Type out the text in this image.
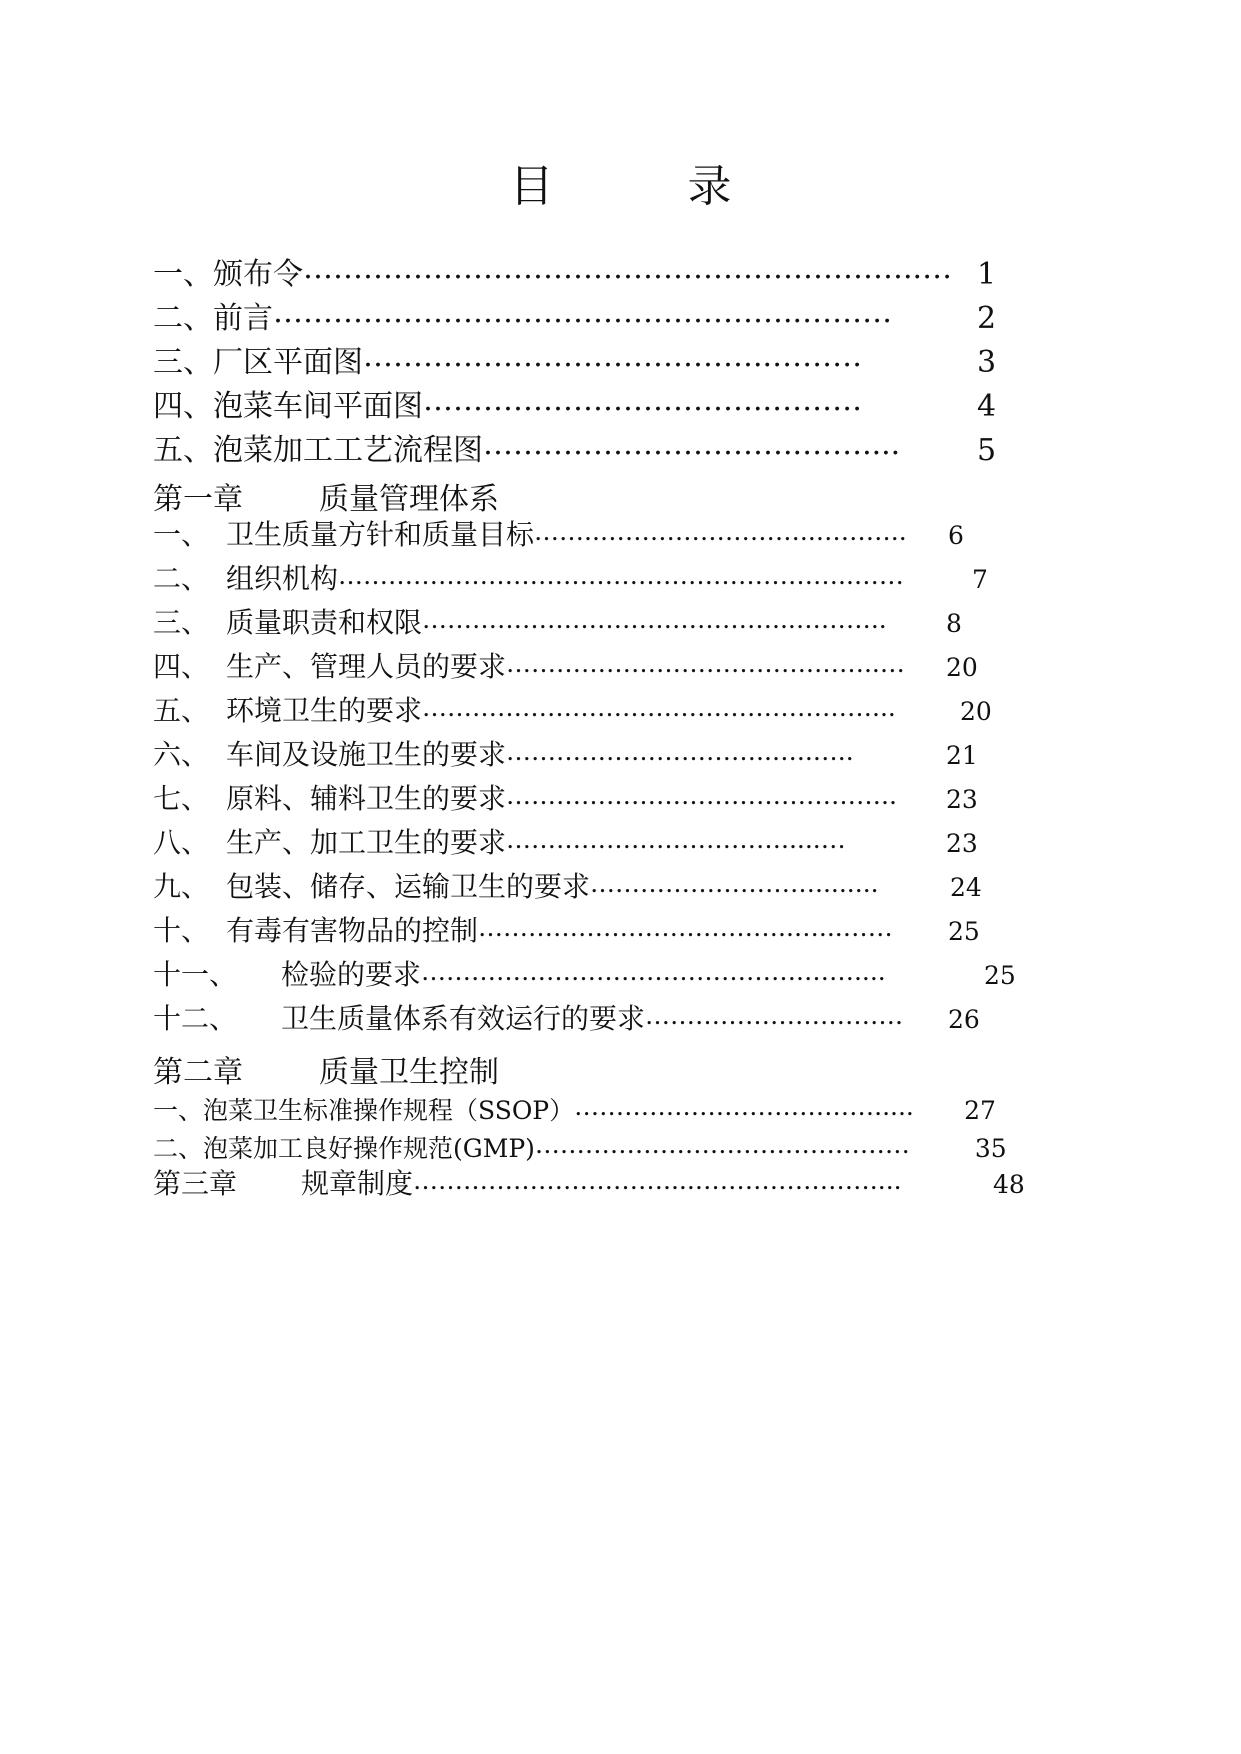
目 录
一、颁布令……………………………………………………..… 1
二、前言……………………………………………..………	2
三、厂区平面图…………………………………..………	3
四、泡菜车间平面图……………………………..………	4
五、泡菜加工工艺流程图…………………………..……....	5
第一章	质量管理体系
一、 卫生质量方针和质量目标……..……………………..……….. 6
二、 组织机构……………………………………………………..……	7
三、 质量职责和权限……………………………………...……….. 8
四、 生产、管理人员的要求……………………………….……..… 20
五、 环境卫生的要求………………………………………………...	20
六、 车间及设施卫生的要求…………………………..…..…..	21
七、 原料、辅料卫生的要求……………………………………….. 23
八、 生产、加工卫生的要求…………………………….....…	23
九、 包装、储存、运输卫生的要求………………………........	24
十、 有毒有害物品的控制………………………………..…...…… 25
十一、 检验的要求……………………………………….……....	25
十二、 卫生质量体系有效运行的要求…………………………. 26
第二章	质量卫生控制
一、泡菜卫生标准操作规程（SSOP）………………………………..... 27
二、泡菜加工良好操作规范(GMP)………………………………………	35
第三章 规章制度…………………………....…………………....	48
